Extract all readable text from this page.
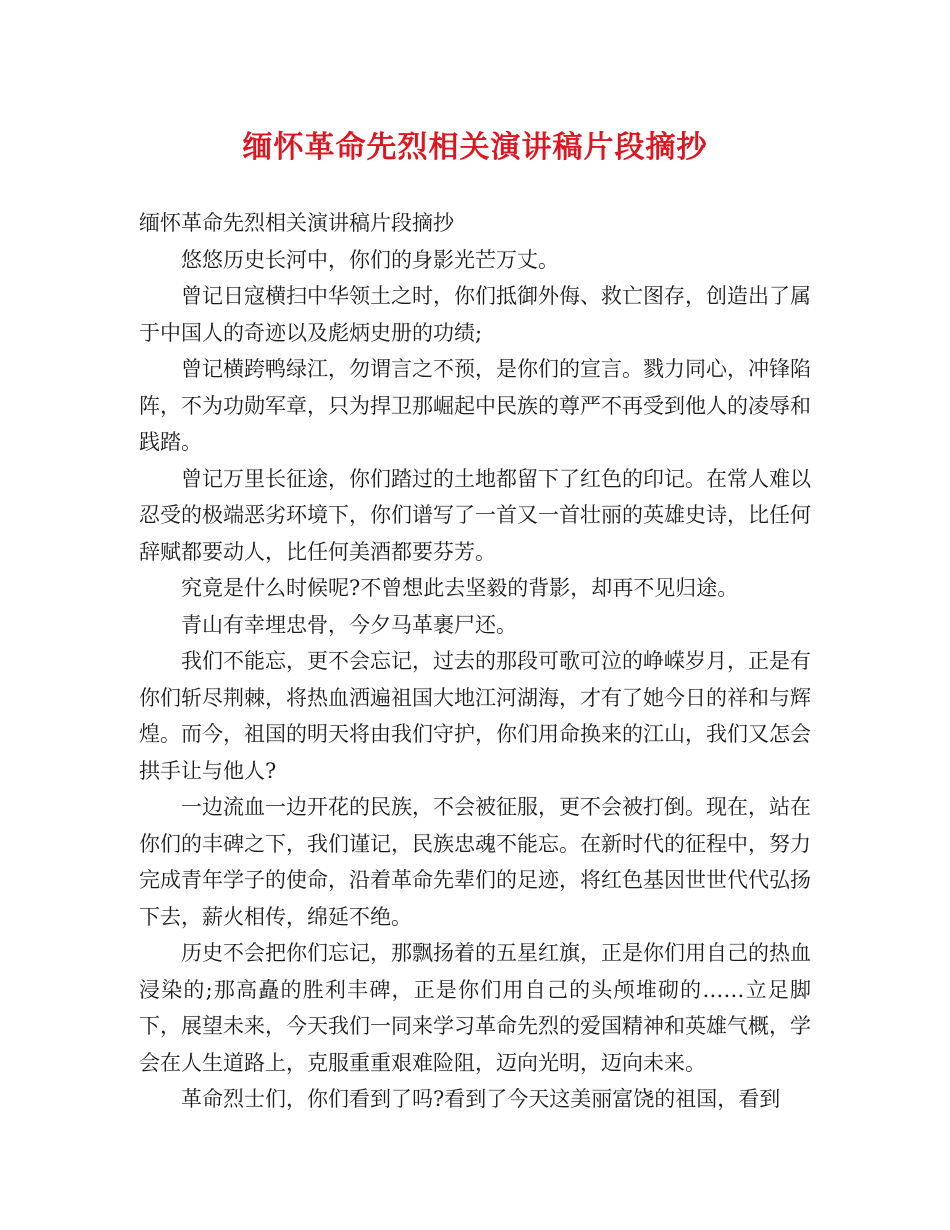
缅怀革命先烈相关演讲稿片段摘抄

缅怀革命先烈相关演讲稿片段摘抄

悠悠历史长河中，你们的身影光芒万丈。

曾记日寇横扫中华领土之时，你们抵御外侮、救亡图存，创造出了属于中国人的奇迹以及彪炳史册的功绩;

曾记横跨鸭绿江，勿谓言之不预，是你们的宣言。戮力同心，冲锋陷阵，不为功勋军章，只为捍卫那崛起中民族的尊严不再受到他人的凌辱和践踏。

曾记万里长征途，你们踏过的土地都留下了红色的印记。在常人难以忍受的极端恶劣环境下，你们谱写了一首又一首壮丽的英雄史诗，比任何辞赋都要动人，比任何美酒都要芬芳。

究竟是什么时候呢?不曾想此去坚毅的背影，却再不见归途。

青山有幸埋忠骨，今夕马革裹尸还。

我们不能忘，更不会忘记，过去的那段可歌可泣的峥嵘岁月，正是有你们斩尽荆棘，将热血洒遍祖国大地江河湖海，才有了她今日的祥和与辉煌。而今，祖国的明天将由我们守护，你们用命换来的江山，我们又怎会拱手让与他人?

一边流血一边开花的民族，不会被征服，更不会被打倒。现在，站在你们的丰碑之下，我们谨记，民族忠魂不能忘。在新时代的征程中，努力完成青年学子的使命，沿着革命先辈们的足迹，将红色基因世世代代弘扬下去，薪火相传，绵延不绝。

历史不会把你们忘记，那飘扬着的五星红旗，正是你们用自己的热血浸染的;那高矗的胜利丰碑，正是你们用自己的头颅堆砌的……立足脚下，展望未来，今天我们一同来学习革命先烈的爱国精神和英雄气概，学会在人生道路上，克服重重艰难险阻，迈向光明，迈向未来。

革命烈士们，你们看到了吗?看到了今天这美丽富饶的祖国，看到
